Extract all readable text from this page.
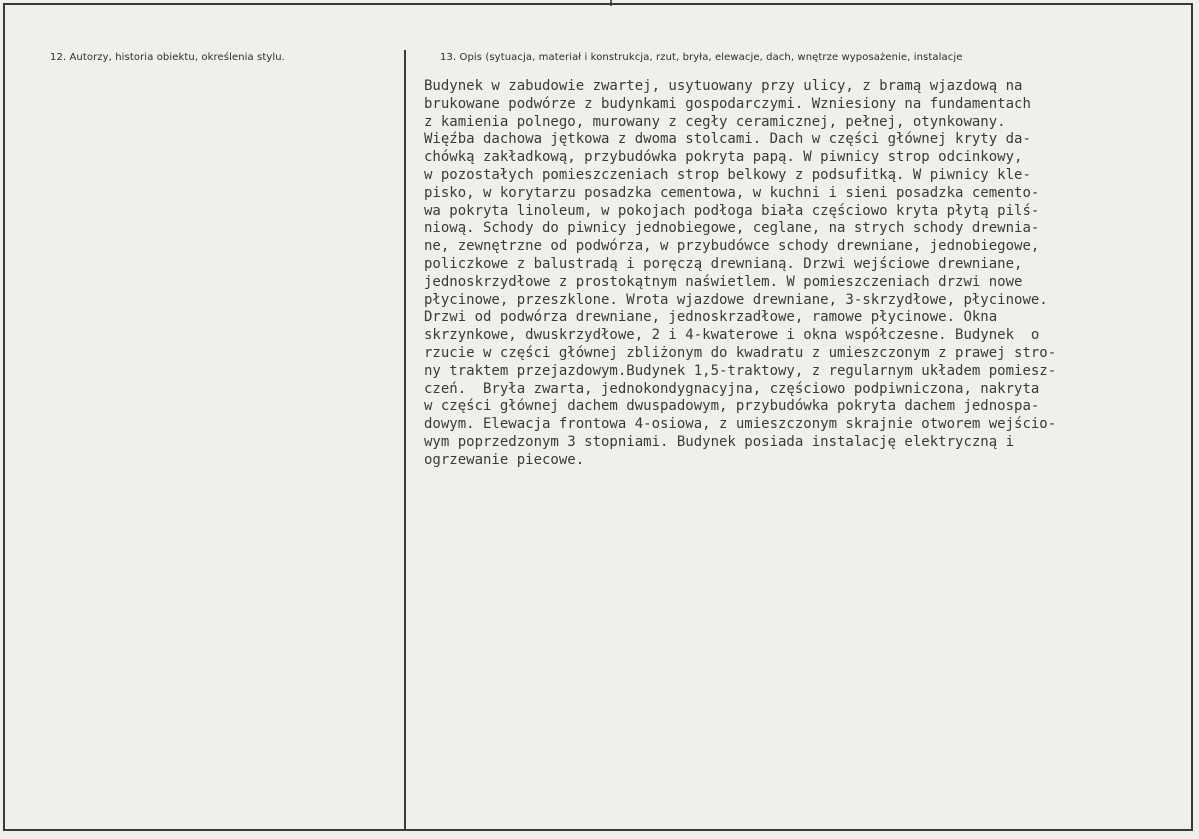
12. Autorzy, historia obiektu, określenia stylu.	13. Opis (sytuacja, materiał i konstrukcja, rzut, bryła, elewacje, dach, wnętrze wyposażenie, instalacje
Budynek w zabudowie zwartej, usytuowany przy ulicy, z bramą wjazdową na
brukowane podwórze z budynkami gospodarczymi. Wzniesiony na fundamentach
z kamienia polnego, murowany z cegły ceramicznej, pełnej, otynkowany.
Więźba dachowa jętkowa z dwoma stolcami. Dach w części głównej kryty da-
chówką zakładkową, przybudówka pokryta papą. W piwnicy strop odcinkowy,
w pozostałych pomieszczeniach strop belkowy z podsufitką. W piwnicy kle-
pisko, w korytarzu posadzka cementowa, w kuchni i sieni posadzka cemento-
wa pokryta linoleum, w pokojach podłoga biała częściowo kryta płytą pilś-
niową. Schody do piwnicy jednobiegowe, ceglane, na strych schody drewnia-
ne, zewnętrzne od podwórza, w przybudówce schody drewniane, jednobiegowe,
policzkowe z balustradą i poręczą drewnianą. Drzwi wejściowe drewniane,
jednoskrzydłowe z prostokątnym naświetlem. W pomieszczeniach drzwi nowe
płycinowe, przeszklone. Wrota wjazdowe drewniane, 3-skrzydłowe, płycinowe.
Drzwi od podwórza drewniane, jednoskrzadłowe, ramowe płycinowe. Okna
skrzynkowe, dwuskrzydłowe, 2 i 4-kwaterowe i okna współczesne. Budynek  o
rzucie w części głównej zbliżonym do kwadratu z umieszczonym z prawej stro-
ny traktem przejazdowym.Budynek 1,5-traktowy, z regularnym układem pomiesz-
czeń.  Bryła zwarta, jednokondygnacyjna, częściowo podpiwniczona, nakryta
w części głównej dachem dwuspadowym, przybudówka pokryta dachem jednospa-
dowym. Elewacja frontowa 4-osiowa, z umieszczonym skrajnie otworem wejścio-
wym poprzedzonym 3 stopniami. Budynek posiada instalację elektryczną i
ogrzewanie piecowe.
